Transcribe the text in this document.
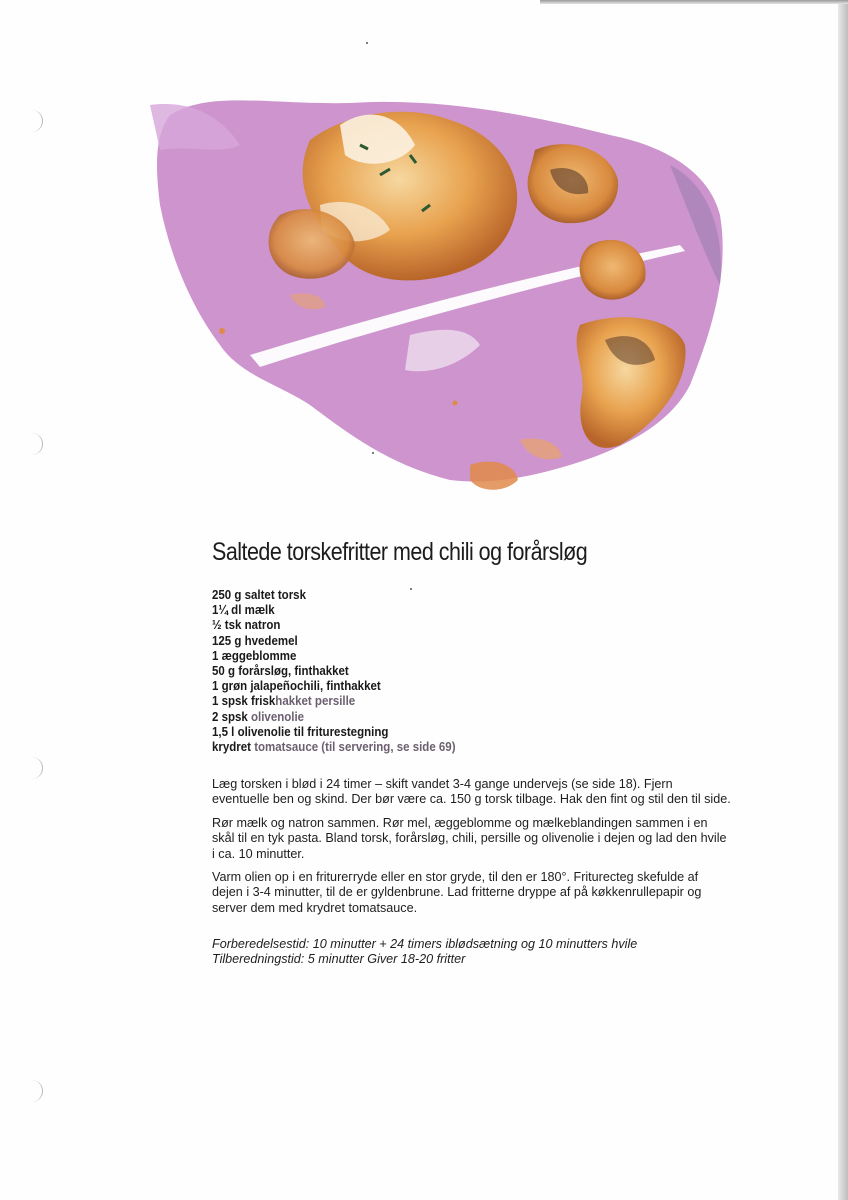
Saltede torskefritter med chili og forårsløg
250 g saltet torsk
1¼ dl mælk
½ tsk natron
125 g hvedemel
1 æggeblomme
50 g forårsløg, finthakket
1 grøn jalapeñochili, finthakket
1 spsk friskhakket persille
2 spsk olivenolie
1,5 l olivenolie til friturestegning
krydret tomatsauce (til servering, se side 69)

Læg torsken i blød i 24 timer – skift vandet 3-4 gange undervejs (se side 18). Fjern eventuelle ben og skind. Der bør være ca. 150 g torsk tilbage. Hak den fint og stil den til side.

Rør mælk og natron sammen. Rør mel, æggeblomme og mælkeblandingen sammen i en skål til en tyk pasta. Bland torsk, forårsløg, chili, persille og olivenolie i dejen og lad den hvile i ca. 10 minutter.

Varm olien op i en friturегryde eller en stor gryde, til den er 180°. Friturесteg skefulde af dejen i 3-4 minutter, til de er gyldenbrune. Lad fritterne dryppe af på køkkenrullepapir og server dem med krydret tomatsauce.

Forberedelsestid: 10 minutter + 24 timers iblødsætning og 10 minutters hvile
Tilberedningstid: 5 minutter Giver 18-20 fritter
